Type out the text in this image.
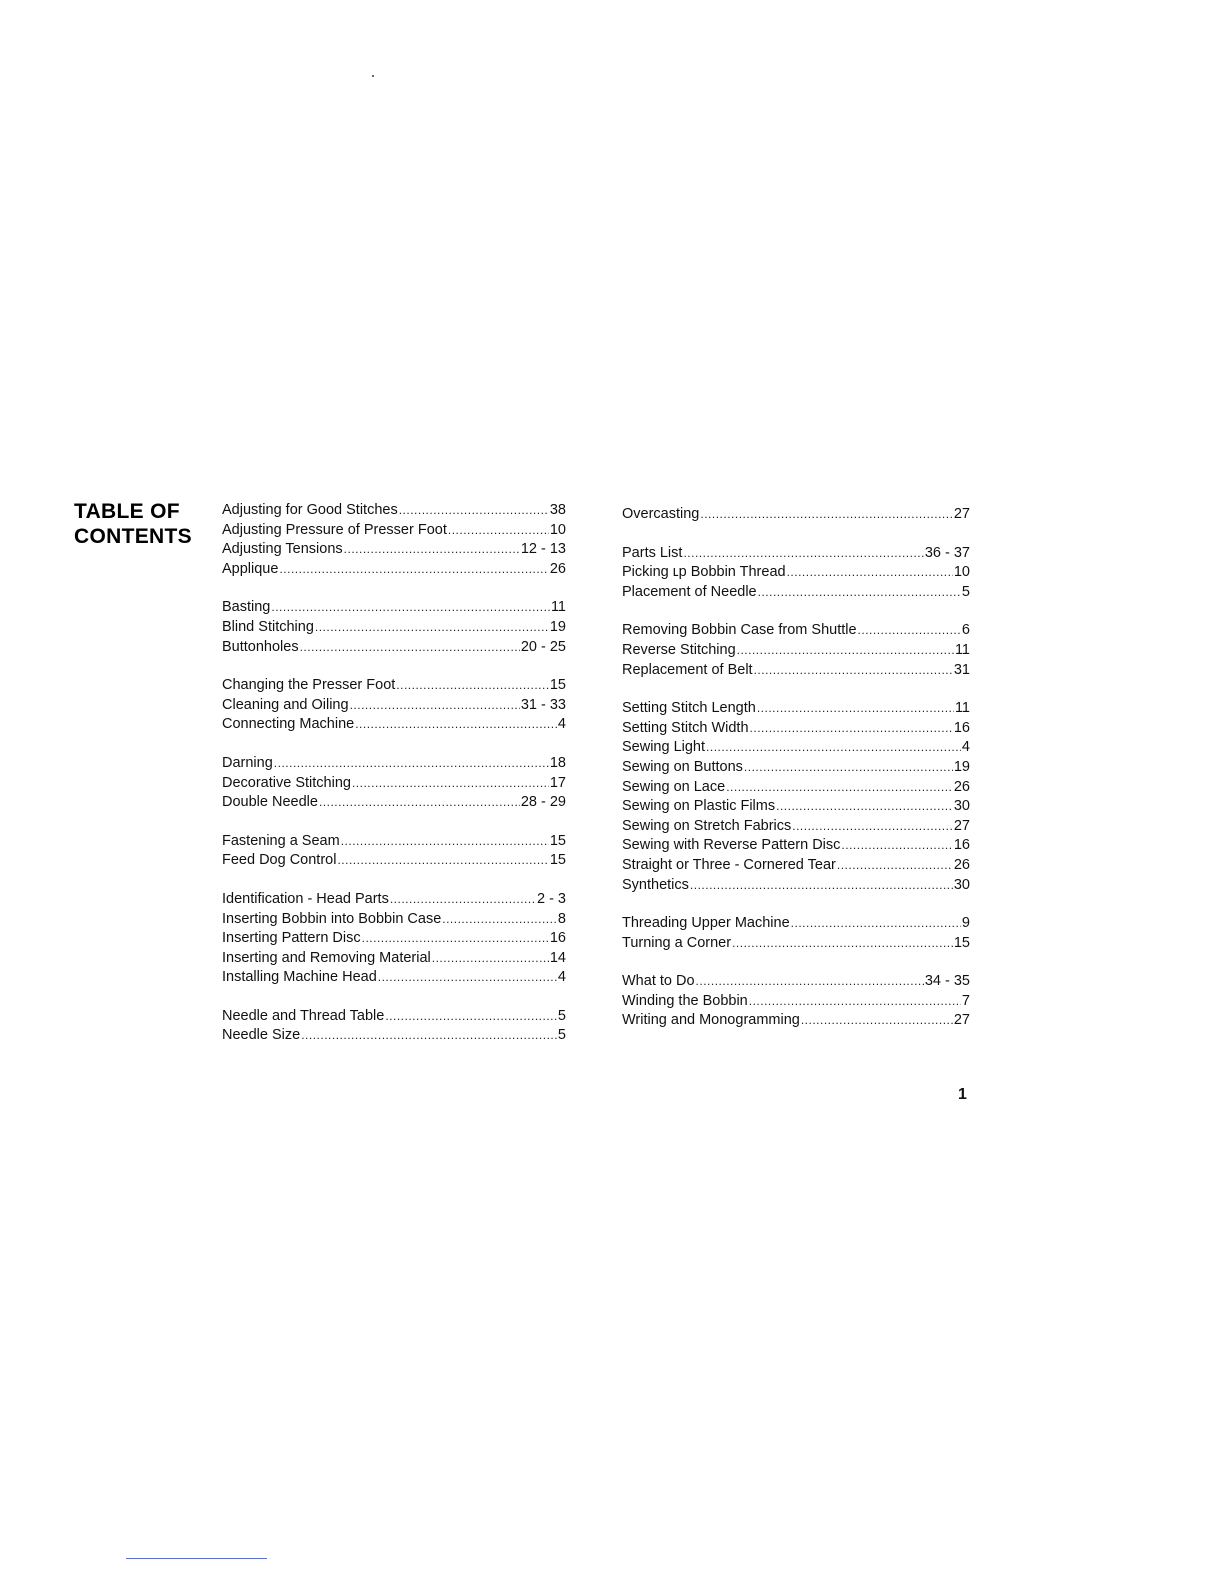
TABLE OF
CONTENTS
Adjusting for Good Stitches .....	38
Adjusting Pressure of Presser Foot .....	10
Adjusting Tensions .....	12 - 13
Applique .....	26
Basting .....	11
Blind Stitching .....	19
Buttonholes .....	20 - 25
Changing the Presser Foot .....	15
Cleaning and Oiling .....	31 - 33
Connecting Machine .....	4
Darning .....	18
Decorative Stitching .....	17
Double Needle .....	28 - 29
Fastening a Seam .....	15
Feed Dog Control .....	15
Identification - Head Parts .....	2 - 3
Inserting Bobbin into Bobbin Case .....	8
Inserting Pattern Disc .....	16
Inserting and Removing Material .....	14
Installing Machine Head .....	4
Needle and Thread Table .....	5
Needle Size .....	5
Overcasting .....	27
Parts List .....	36 - 37
Picking ʟp Bobbin Thread .....	10
Placement of Needle .....	5
Removing Bobbin Case from Shuttle .....	6
Reverse Stitching .....	11
Replacement of Belt .....	31
Setting Stitch Length .....	11
Setting Stitch Width .....	16
Sewing Light .....	4
Sewing on Buttons .....	19
Sewing on Lace .....	26
Sewing on Plastic Films .....	30
Sewing on Stretch Fabrics .....	27
Sewing with Reverse Pattern Disc .....	16
Straight or Three - Cornered Tear .....	26
Synthetics .....	30
Threading Upper Machine .....	9
Turning a Corner .....	15
What to Do .....	34 - 35
Winding the Bobbin .....	7
Writing and Monogramming .....	27
1
